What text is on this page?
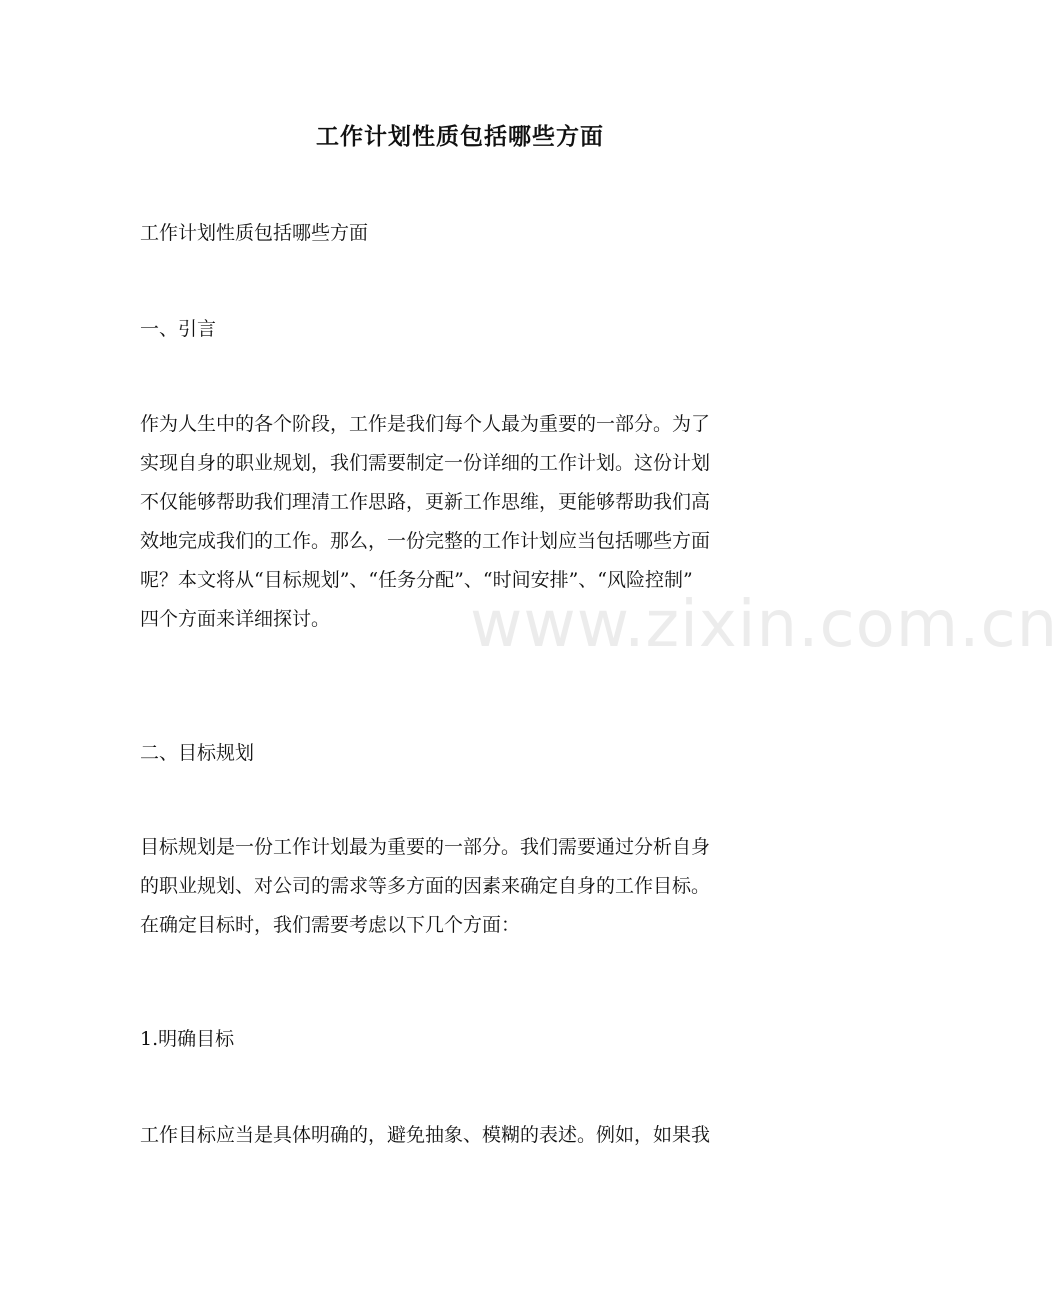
工作计划性质包括哪些方面

工作计划性质包括哪些方面

一、引言

作为人生中的各个阶段，工作是我们每个人最为重要的一部分。为了
实现自身的职业规划，我们需要制定一份详细的工作计划。这份计划
不仅能够帮助我们理清工作思路，更新工作思维，更能够帮助我们高
效地完成我们的工作。那么，一份完整的工作计划应当包括哪些方面
呢？本文将从“目标规划”、“任务分配”、“时间安排”、“风险控制”
四个方面来详细探讨。

二、目标规划

目标规划是一份工作计划最为重要的一部分。我们需要通过分析自身
的职业规划、对公司的需求等多方面的因素来确定自身的工作目标。
在确定目标时，我们需要考虑以下几个方面：

1.明确目标

工作目标应当是具体明确的，避免抽象、模糊的表述。例如，如果我
www.zixin.com.cn
